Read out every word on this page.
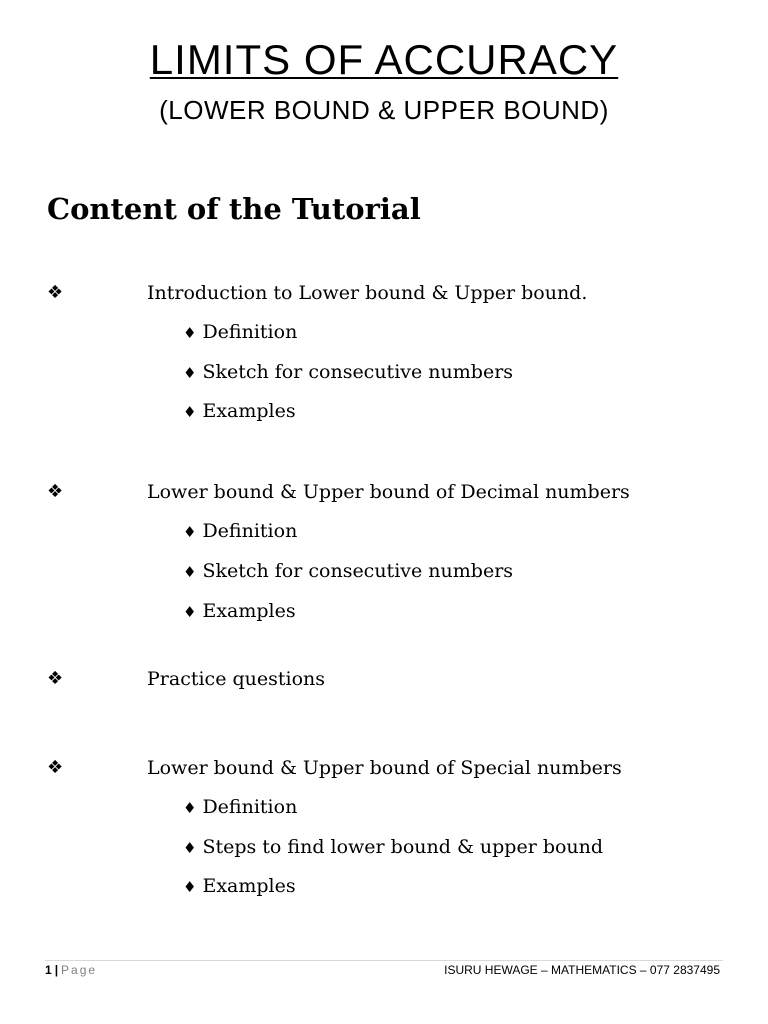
LIMITS OF ACCURACY
(LOWER BOUND & UPPER BOUND)
Content of the Tutorial
❖	Introduction to Lower bound & Upper bound.
♦ Definition
♦ Sketch for consecutive numbers
♦ Examples
❖	Lower bound & Upper bound of Decimal numbers
♦ Definition
♦ Sketch for consecutive numbers
♦ Examples
❖	Practice questions
❖	Lower bound & Upper bound of Special numbers
♦ Definition
♦ Steps to find lower bound & upper bound
♦ Examples
1 | Page	ISURU HEWAGE – MATHEMATICS – 077 2837495
